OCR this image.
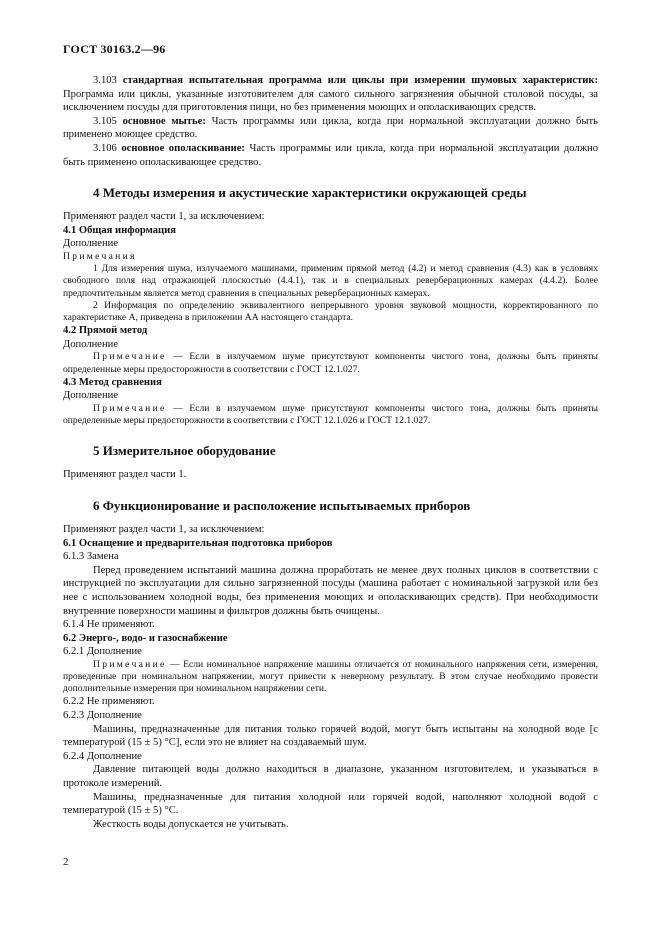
ГОСТ 30163.2—96

3.103 стандартная испытательная программа или циклы при измерении шумовых характеристик: Программа или циклы, указанные изготовителем для самого сильного загрязнения обычной столовой посуды, за исключением посуды для приготовления пищи, но без применения моющих и ополаскивающих средств.

3.105 основное мытье: Часть программы или цикла, когда при нормальной эксплуатации должно быть применено моющее средство.

3.106 основное ополаскивание: Часть программы или цикла, когда при нормальной эксплуатации должно быть применено ополаскивающее средство.

4 Методы измерения и акустические характеристики окружающей среды

Применяют раздел части 1, за исключением:

4.1 Общая информация

Дополнение

Примечания

1 Для измерения шума, излучаемого машинами, применим прямой метод (4.2) и метод сравнения (4.3) как в условиях свободного поля над отражающей плоскостью (4.4.1), так и в специальных реверберационных камерах (4.4.2). Более предпочтительным является метод сравнения в специальных реверберационных камерах.

2 Информация по определению эквивалентного непрерывного уровня звуковой мощности, корректированного по характеристике А, приведена в приложении АА настоящего стандарта.

4.2 Прямой метод

Дополнение

Примечание — Если в излучаемом шуме присутствуют компоненты чистого тона, должны быть приняты определенные меры предосторожности в соответствии с ГОСТ 12.1.027.

4.3 Метод сравнения

Дополнение

Примечание — Если в излучаемом шуме присутствуют компоненты чистого тона, должны быть приняты определенные меры предосторожности в соответствии с ГОСТ 12.1.026 и ГОСТ 12.1.027.

5 Измерительное оборудование

Применяют раздел части 1.

6 Функционирование и расположение испытываемых приборов

Применяют раздел части 1, за исключением:

6.1 Оснащение и предварительная подготовка приборов

6.1.3 Замена

Перед проведением испытаний машина должна проработать не менее двух полных циклов в соответствии с инструкцией по эксплуатации для сильно загрязненной посуды (машина работает с номинальной загрузкой или без нее с использованием холодной воды, без применения моющих и ополаскивающих средств). При необходимости внутренние поверхности машины и фильтров должны быть очищены.

6.1.4 Не применяют.

6.2 Энерго-, водо- и газоснабжение

6.2.1 Дополнение

Примечание — Если номинальное напряжение машины отличается от номинального напряжения сети, измерения, проведенные при номинальном напряжении, могут привести к неверному результату. В этом случае необходимо провести дополнительные измерения при номинальном напряжении сети.

6.2.2 Не применяют.

6.2.3 Дополнение

Машины, предназначенные для питания только горячей водой, могут быть испытаны на холодной воде [с температурой (15 ± 5) °С], если это не влияет на создаваемый шум.

6.2.4 Дополнение

Давление питающей воды должно находиться в диапазоне, указанном изготовителем, и указываться в протоколе измерений.

Машины, предназначенные для питания холодной или горячей водой, наполняют холодной водой с температурой (15 ± 5) °С.

Жесткость воды допускается не учитывать.

2
